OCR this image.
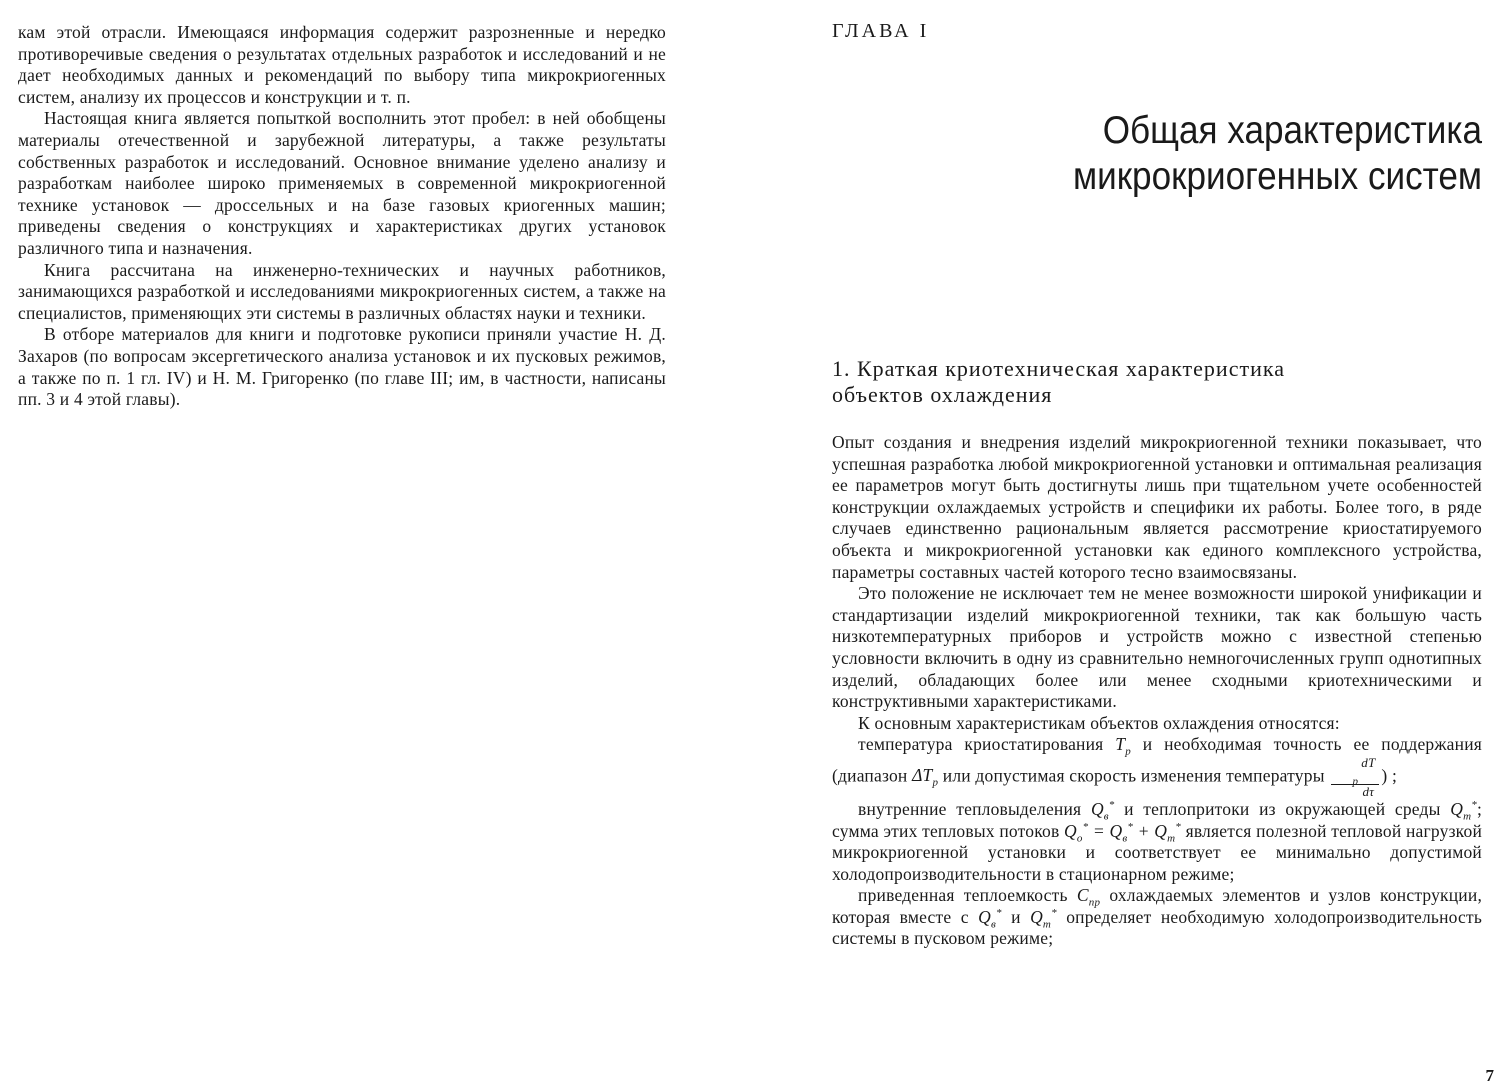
кам этой отрасли. Имеющаяся информация содержит разрозненные и нередко противоречивые сведения о результатах отдельных разработок и исследований и не дает необходимых данных и рекомендаций по выбору типа микрокриогенных систем, анализу их процессов и конструкции и т. п.

Настоящая книга является попыткой восполнить этот пробел: в ней обобщены материалы отечественной и зарубежной литературы, а также результаты собственных разработок и исследований. Основное внимание уделено анализу и разработкам наиболее широко применяемых в современной микрокриогенной технике установок — дроссельных и на базе газовых криогенных машин; приведены сведения о конструкциях и характеристиках других установок различного типа и назначения.

Книга рассчитана на инженерно-технических и научных работников, занимающихся разработкой и исследованиями микрокриогенных систем, а также на специалистов, применяющих эти системы в различных областях науки и техники.

В отборе материалов для книги и подготовке рукописи приняли участие Н. Д. Захаров (по вопросам эксергетического анализа установок и их пусковых режимов, а также по п. 1 гл. IV) и Н. М. Григоренко (по главе III; им, в частности, написаны пп. 3 и 4 этой главы).

ГЛАВА I

Общая характеристика
микрокриогенных систем
1. Краткая криотехническая характеристика
объектов охлаждения

Опыт создания и внедрения изделий микрокриогенной техники показывает, что успешная разработка любой микрокриогенной установки и оптимальная реализация ее параметров могут быть достигнуты лишь при тщательном учете особенностей конструкции охлаждаемых устройств и специфики их работы. Более того, в ряде случаев единственно рациональным является рассмотрение криостатируемого объекта и микрокриогенной установки как единого комплексного устройства, параметры составных частей которого тесно взаимосвязаны.

Это положение не исключает тем не менее возможности широкой унификации и стандартизации изделий микрокриогенной техники, так как большую часть низкотемпературных приборов и устройств можно с известной степенью условности включить в одну из сравнительно немногочисленных групп однотипных изделий, обладающих более или менее сходными криотехническими и конструктивными характеристиками.

К основным характеристикам объектов охлаждения относятся:

температура криостатирования $T_р$ и необходимая точность ее поддержания (диапазон $\Delta T_р$ или допустимая скорость изменения температуры dT
$_р$
dτ ) ;

внутренние тепловыделения $Q_в^*$ и теплопритоки из окружающей среды $Q_т^*$; сумма этих тепловых потоков $Q_о^* = Q_в^* + Q_т^*$ является полезной тепловой нагрузкой микрокриогенной установки и соответствует ее минимально допустимой холодопроизводительности в стационарном режиме;

приведенная теплоемкость $C_{пр}$ охлаждаемых элементов и узлов конструкции, которая вместе с $Q_в^*$ и $Q_т^*$ определяет необходимую холодопроизводительность системы в пусковом режиме;

7
